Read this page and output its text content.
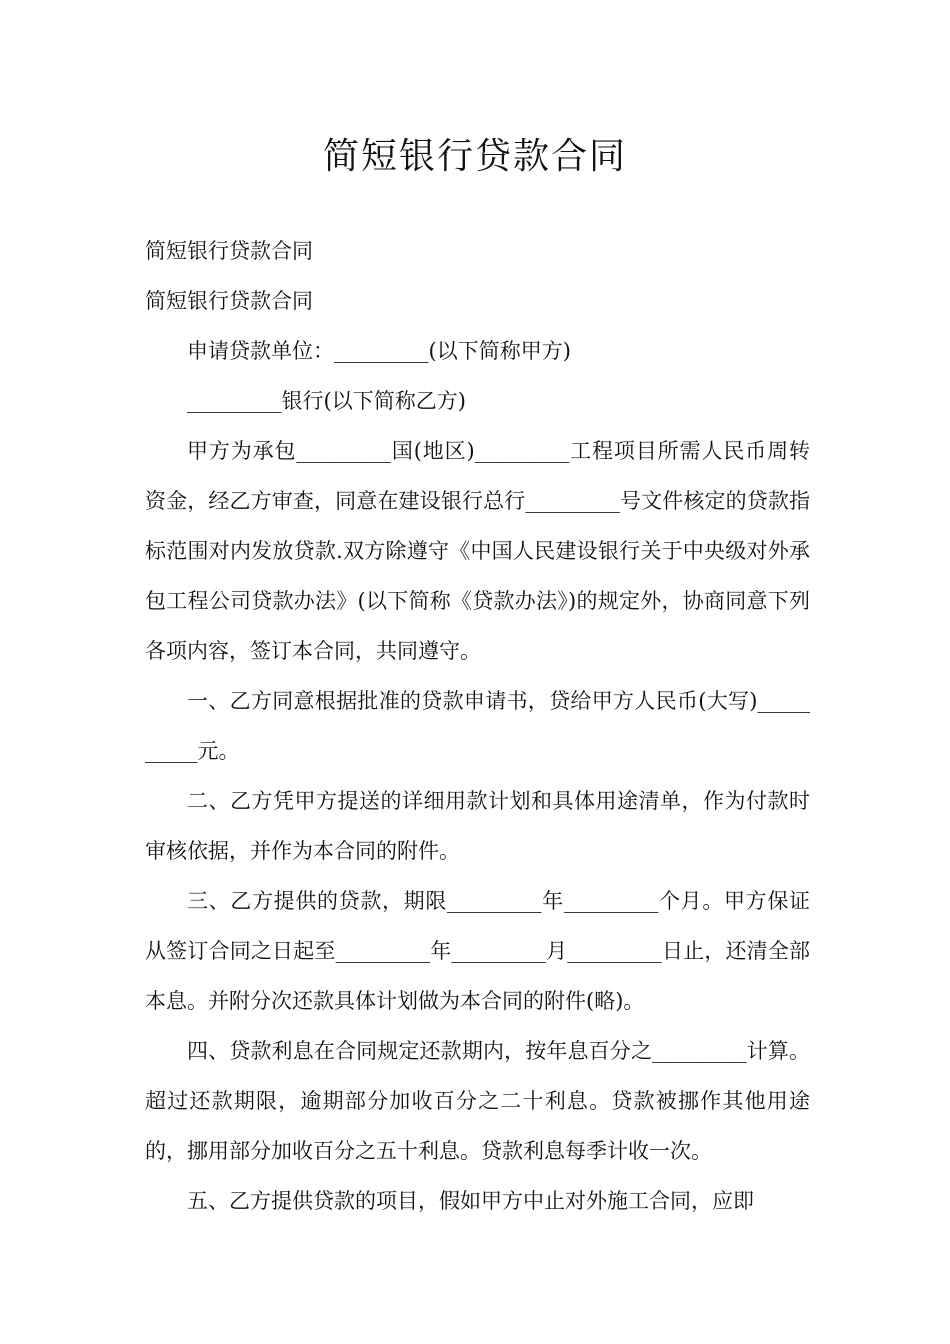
简短银行贷款合同

简短银行贷款合同

简短银行贷款合同

申请贷款单位：_________(以下简称甲方)

_________银行(以下简称乙方)

甲方为承包_________国(地区)_________工程项目所需人民币周转资金，经乙方审查，同意在建设银行总行_________号文件核定的贷款指标范围对内发放贷款.双方除遵守《中国人民建设银行关于中央级对外承包工程公司贷款办法》(以下简称《贷款办法》)的规定外，协商同意下列各项内容，签订本合同，共同遵守。

一、乙方同意根据批准的贷款申请书，贷给甲方人民币(大写)__________元。

二、乙方凭甲方提送的详细用款计划和具体用途清单，作为付款时审核依据，并作为本合同的附件。

三、乙方提供的贷款，期限_________年_________个月。甲方保证从签订合同之日起至_________年_________月_________日止，还清全部本息。并附分次还款具体计划做为本合同的附件(略)。

四、贷款利息在合同规定还款期内，按年息百分之_________计算。超过还款期限，逾期部分加收百分之二十利息。贷款被挪作其他用途的，挪用部分加收百分之五十利息。贷款利息每季计收一次。

五、乙方提供贷款的项目，假如甲方中止对外施工合同，应即
